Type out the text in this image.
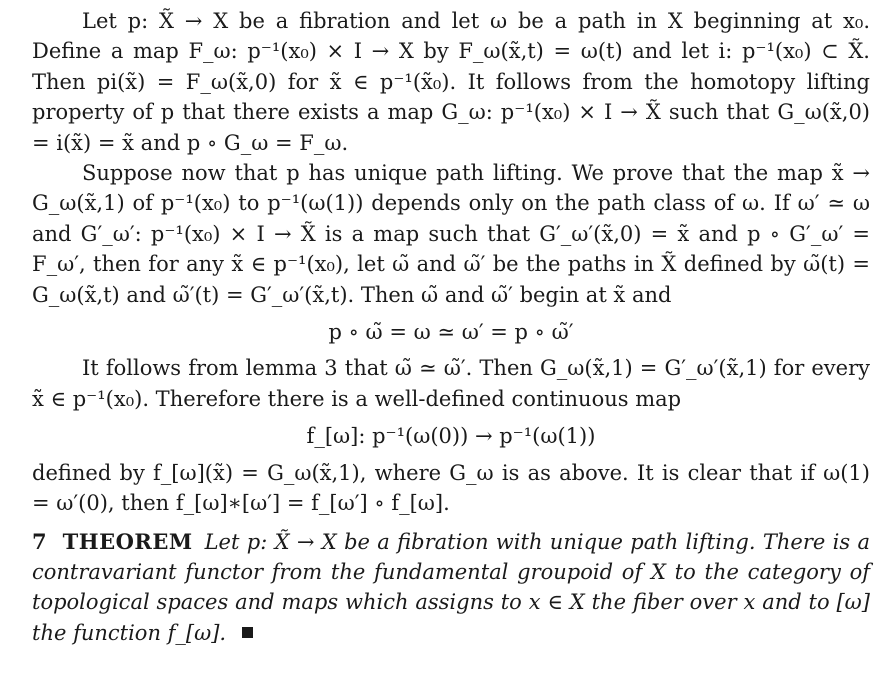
Let p: X̃ → X be a fibration and let ω be a path in X beginning at x₀. Define a map F_ω: p⁻¹(x₀) × I → X by F_ω(x̃,t) = ω(t) and let i: p⁻¹(x₀) ⊂ X̃. Then pi(x̃) = F_ω(x̃,0) for x̃ ∈ p⁻¹(x̃₀). It follows from the homotopy lifting property of p that there exists a map G_ω: p⁻¹(x₀) × I → X̃ such that G_ω(x̃,0) = i(x̃) = x̃ and p ∘ G_ω = F_ω.

Suppose now that p has unique path lifting. We prove that the map x̃ → G_ω(x̃,1) of p⁻¹(x₀) to p⁻¹(ω(1)) depends only on the path class of ω. If ω′ ≃ ω and G′_ω′: p⁻¹(x₀) × I → X̃ is a map such that G′_ω′(x̃,0) = x̃ and p ∘ G′_ω′ = F_ω′, then for any x̃ ∈ p⁻¹(x₀), let ω̃ and ω̃′ be the paths in X̃ defined by ω̃(t) = G_ω(x̃,t) and ω̃′(t) = G′_ω′(x̃,t). Then ω̃ and ω̃′ begin at x̃ and

p ∘ ω̃ = ω ≃ ω′ = p ∘ ω̃′

It follows from lemma 3 that ω̃ ≃ ω̃′. Then G_ω(x̃,1) = G′_ω′(x̃,1) for every x̃ ∈ p⁻¹(x₀). Therefore there is a well-defined continuous map

f_[ω]: p⁻¹(ω(0)) → p⁻¹(ω(1))

defined by f_[ω](x̃) = G_ω(x̃,1), where G_ω is as above. It is clear that if ω(1) = ω′(0), then f_[ω]∗[ω′] = f_[ω′] ∘ f_[ω].

7 THEOREM Let p: X̃ → X be a fibration with unique path lifting. There is a contravariant functor from the fundamental groupoid of X to the category of topological spaces and maps which assigns to x ∈ X the fiber over x and to [ω] the function f_[ω].
